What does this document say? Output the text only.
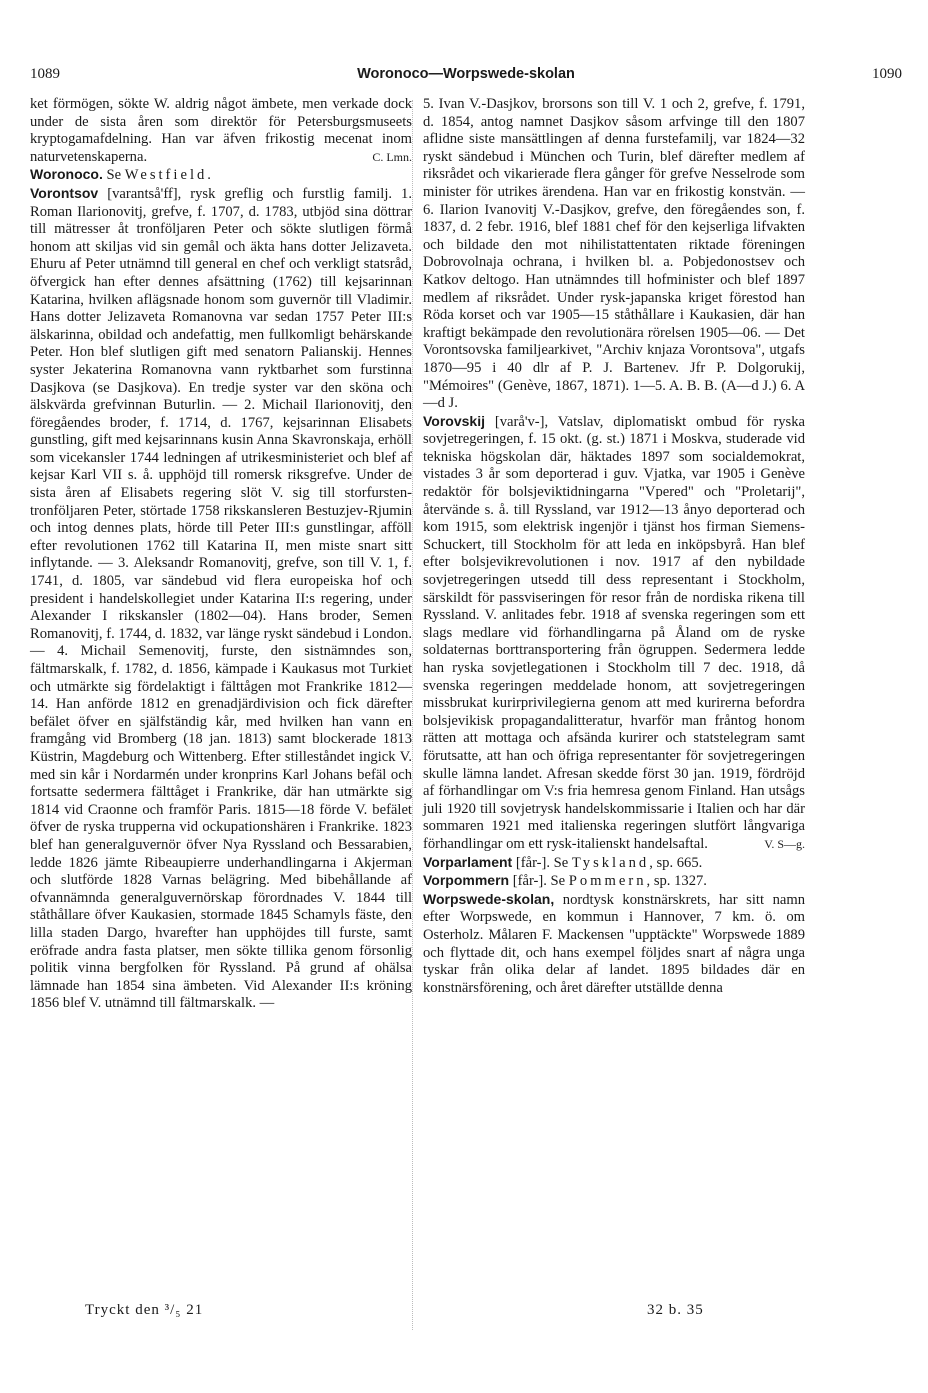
1089	Woronoco—Worpswede-skolan	1090

ket förmögen, sökte W. aldrig något ämbete, men verkade dock under de sista åren som direktör för Petersburgsmuseets kryptogamafdelning. Han var äfven frikostig mecenat inom naturvetenskaperna.	C. Lmn.

Woronoco. Se Westfield.

Vorontsov [varantså'ff], rysk greflig och furstlig familj. 1. Roman Ilarionovitj, grefve, f. 1707, d. 1783, utbjöd sina döttrar till mätresser åt tronföljaren Peter och sökte slutligen förmå honom att skiljas vid sin gemål och äkta hans dotter Jelizaveta. Ehuru af Peter utnämnd till general en chef och verkligt statsråd, öfvergick han efter dennes afsättning (1762) till kejsarinnan Katarina, hvilken aflägsnade honom som guvernör till Vladimir. Hans dotter Jelizaveta Romanovna var sedan 1757 Peter III:s älskarinna, obildad och andefattig, men fullkomligt behärskande Peter. Hon blef slutligen gift med senatorn Palianskij. Hennes syster Jekaterina Romanovna vann ryktbarhet som furstinna Dasjkova (se Dasjkova). En tredje syster var den sköna och älskvärda grefvinnan Buturlin. — 2. Michail Ilarionovitj, den föregåendes broder, f. 1714, d. 1767, kejsarinnan Elisabets gunstling, gift med kejsarinnans kusin Anna Skavronskaja, erhöll som vicekansler 1744 ledningen af utrikesministeriet och blef af kejsar Karl VII s. å. upphöjd till romersk riksgrefve. Under de sista åren af Elisabets regering slöt V. sig till storfursten-tronföljaren Peter, störtade 1758 rikskansleren Bestuzjev-Rjumin och intog dennes plats, hörde till Peter III:s gunstlingar, afföll efter revolutionen 1762 till Katarina II, men miste snart sitt inflytande. — 3. Aleksandr Romanovitj, grefve, son till V. 1, f. 1741, d. 1805, var sändebud vid flera europeiska hof och president i handelskollegiet under Katarina II:s regering, under Alexander I rikskansler (1802—04). Hans broder, Semen Romanovitj, f. 1744, d. 1832, var länge ryskt sändebud i London. — 4. Michail Semenovitj, furste, den sistnämndes son, fältmarskalk, f. 1782, d. 1856, kämpade i Kaukasus mot Turkiet och utmärkte sig fördelaktigt i fälttågen mot Frankrike 1812—14. Han anförde 1812 en grenadjärdivision och fick därefter befälet öfver en själfständig kår, med hvilken han vann en framgång vid Bromberg (18 jan. 1813) samt blockerade 1813 Küstrin, Magdeburg och Wittenberg. Efter stilleståndet ingick V. med sin kår i Nordarmén under kronprins Karl Johans befäl och fortsatte sedermera fälttåget i Frankrike, där han utmärkte sig 1814 vid Craonne och framför Paris. 1815—18 förde V. befälet öfver de ryska trupperna vid ockupationshären i Frankrike. 1823 blef han generalguvernör öfver Nya Ryssland och Bessarabien, ledde 1826 jämte Ribeaupierre underhandlingarna i Akjerman och slutförde 1828 Varnas belägring. Med bibehållande af ofvannämnda generalguvernörskap förordnades V. 1844 till ståthållare öfver Kaukasien, stormade 1845 Schamyls fäste, den lilla staden Dargo, hvarefter han upphöjdes till furste, samt eröfrade andra fasta platser, men sökte tillika genom försonlig politik vinna bergfolken för Ryssland. På grund af ohälsa lämnade han 1854 sina ämbeten. Vid Alexander II:s kröning 1856 blef V. utnämnd till fältmarskalk. —

5. Ivan V.-Dasjkov, brorsons son till V. 1 och 2, grefve, f. 1791, d. 1854, antog namnet Dasjkov såsom arfvinge till den 1807 aflidne siste mansättlingen af denna furstefamilj, var 1824—32 ryskt sändebud i München och Turin, blef därefter medlem af riksrådet och vikarierade flera gånger för grefve Nesselrode som minister för utrikes ärendena. Han var en frikostig konstvän. — 6. Ilarion Ivanovitj V.-Dasjkov, grefve, den föregåendes son, f. 1837, d. 2 febr. 1916, blef 1881 chef för den kejserliga lifvakten och bildade den mot nihilistattentaten riktade föreningen Dobrovolnaja ochrana, i hvilken bl. a. Pobjedonostsev och Katkov deltogo. Han utnämndes till hofminister och blef 1897 medlem af riksrådet. Under rysk-japanska kriget förestod han Röda korset och var 1905—15 ståthållare i Kaukasien, där han kraftigt bekämpade den revolutionära rörelsen 1905—06. — Det Vorontsovska familjearkivet, "Archiv knjaza Vorontsova", utgafs 1870—95 i 40 dlr af P. J. Bartenev. Jfr P. Dolgorukij, "Mémoires" (Genève, 1867, 1871). 1—5. A. B. B. (A—d J.) 6. A—d J.

Vorovskij [varå'v-], Vatslav, diplomatiskt ombud för ryska sovjetregeringen, f. 15 okt. (g. st.) 1871 i Moskva, studerade vid tekniska högskolan där, häktades 1897 som socialdemokrat, vistades 3 år som deporterad i guv. Vjatka, var 1905 i Genève redaktör för bolsjeviktidningarna "Vpered" och "Proletarij", återvände s. å. till Ryssland, var 1912—13 ånyo deporterad och kom 1915, som elektrisk ingenjör i tjänst hos firman Siemens-Schuckert, till Stockholm för att leda en inköpsbyrå. Han blef efter bolsjevikrevolutionen i nov. 1917 af den nybildade sovjetregeringen utsedd till dess representant i Stockholm, särskildt för passviseringen för resor från de nordiska rikena till Ryssland. V. anlitades febr. 1918 af svenska regeringen som ett slags medlare vid förhandlingarna på Åland om de ryske soldaternas borttransportering från ögruppen. Sedermera ledde han ryska sovjetlegationen i Stockholm till 7 dec. 1918, då svenska regeringen meddelade honom, att sovjetregeringen missbrukat kurirprivilegierna genom att med kurirerna befordra bolsjevikisk propagandalitteratur, hvarför man fråntog honom rätten att mottaga och afsända kurirer och statstelegram samt förutsatte, att han och öfriga representanter för sovjetregeringen skulle lämna landet. Afresan skedde först 30 jan. 1919, fördröjd af förhandlingar om V:s fria hemresa genom Finland. Han utsågs juli 1920 till sovjetrysk handelskommissarie i Italien och har där sommaren 1921 med italienska regeringen slutfört långvariga förhandlingar om ett rysk-italienskt handelsaftal.	V. S—g.

Vorparlament [får-]. Se Tyskland, sp. 665.

Vorpommern [får-]. Se Pommern, sp. 1327.

Worpswede-skolan, nordtysk konstnärskrets, har sitt namn efter Worpswede, en kommun i Hannover, 7 km. ö. om Osterholz. Målaren F. Mackensen "upptäckte" Worpswede 1889 och flyttade dit, och hans exempel följdes snart af några unga tyskar från olika delar af landet. 1895 bildades där en konstnärsförening, och året därefter utställde denna

Tryckt den ³/₅ 21	32 b. 35
